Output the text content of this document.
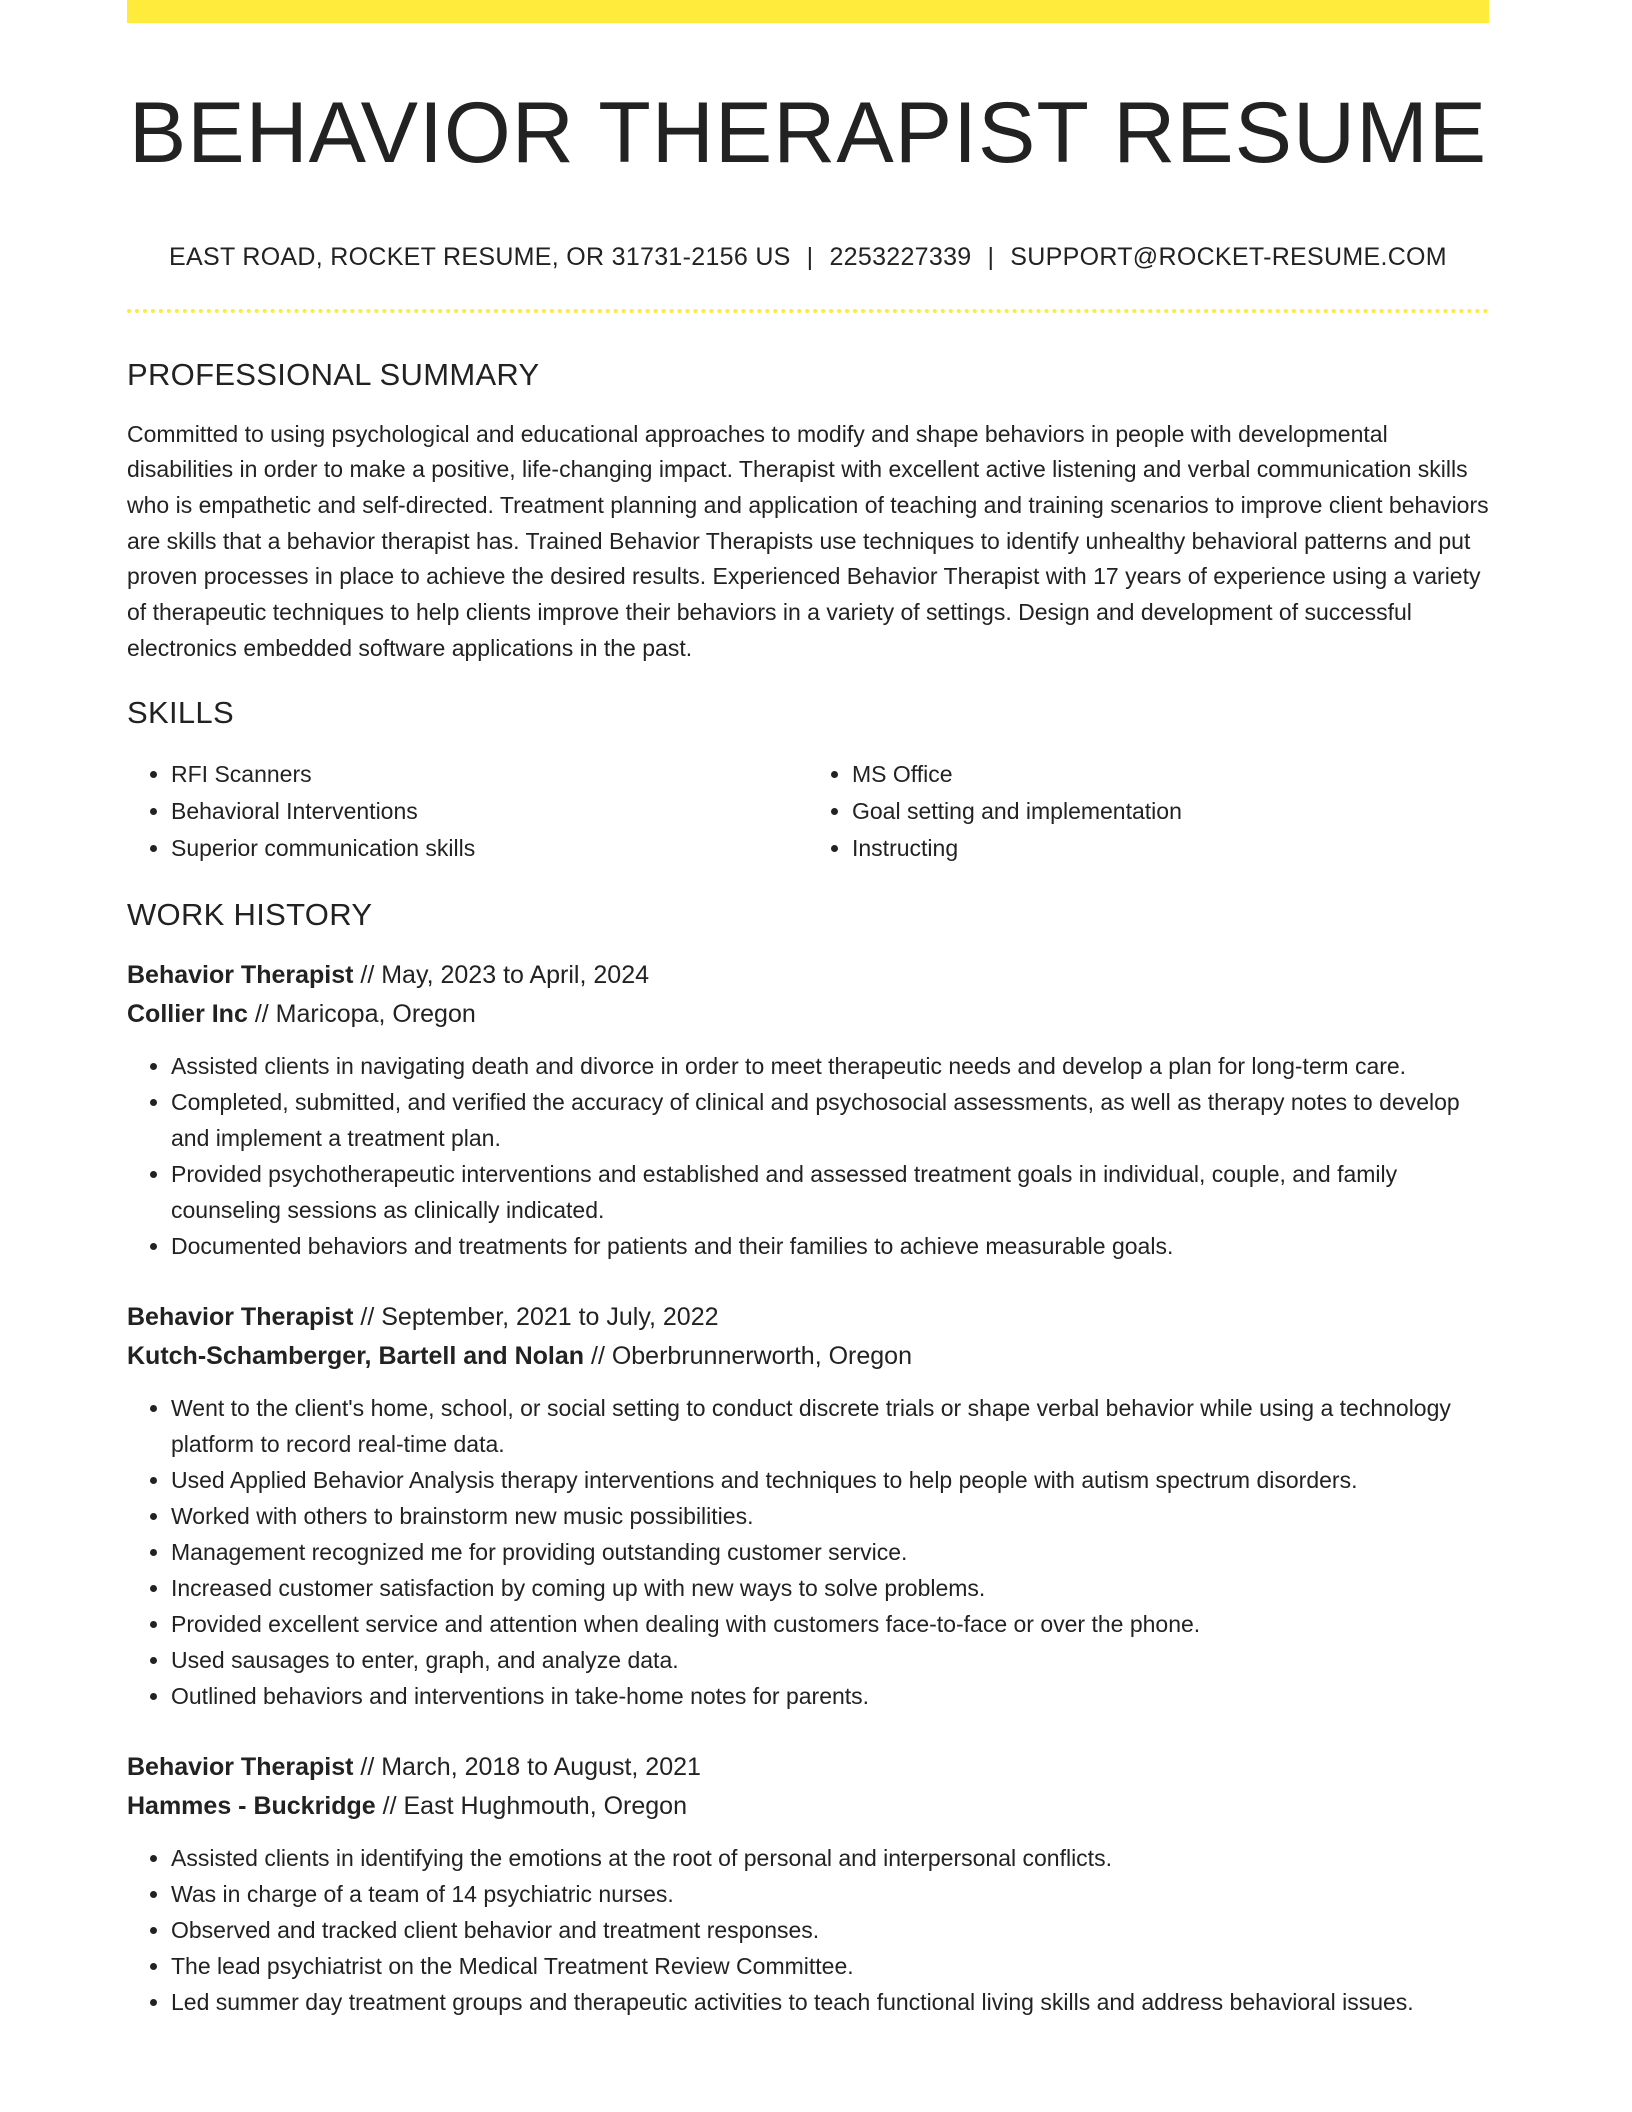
BEHAVIOR THERAPIST RESUME
EAST ROAD, ROCKET RESUME, OR 31731-2156 US | 2253227339 | SUPPORT@ROCKET-RESUME.COM
PROFESSIONAL SUMMARY

Committed to using psychological and educational approaches to modify and shape behaviors in people with developmental disabilities in order to make a positive, life-changing impact. Therapist with excellent active listening and verbal communication skills who is empathetic and self-directed. Treatment planning and application of teaching and training scenarios to improve client behaviors are skills that a behavior therapist has. Trained Behavior Therapists use techniques to identify unhealthy behavioral patterns and put proven processes in place to achieve the desired results. Experienced Behavior Therapist with 17 years of experience using a variety of therapeutic techniques to help clients improve their behaviors in a variety of settings. Design and development of successful electronics embedded software applications in the past.

SKILLS
• RFI Scanners
• Behavioral Interventions
• Superior communication skills
• MS Office
• Goal setting and implementation
• Instructing
WORK HISTORY
Behavior Therapist // May, 2023 to April, 2024
Collier Inc // Maricopa, Oregon
• Assisted clients in navigating death and divorce in order to meet therapeutic needs and develop a plan for long-term care.
• Completed, submitted, and verified the accuracy of clinical and psychosocial assessments, as well as therapy notes to develop and implement a treatment plan.
• Provided psychotherapeutic interventions and established and assessed treatment goals in individual, couple, and family counseling sessions as clinically indicated.
• Documented behaviors and treatments for patients and their families to achieve measurable goals.
Behavior Therapist // September, 2021 to July, 2022
Kutch-Schamberger, Bartell and Nolan // Oberbrunnerworth, Oregon
• Went to the client's home, school, or social setting to conduct discrete trials or shape verbal behavior while using a technology platform to record real-time data.
• Used Applied Behavior Analysis therapy interventions and techniques to help people with autism spectrum disorders.
• Worked with others to brainstorm new music possibilities.
• Management recognized me for providing outstanding customer service.
• Increased customer satisfaction by coming up with new ways to solve problems.
• Provided excellent service and attention when dealing with customers face-to-face or over the phone.
• Used sausages to enter, graph, and analyze data.
• Outlined behaviors and interventions in take-home notes for parents.
Behavior Therapist // March, 2018 to August, 2021
Hammes - Buckridge // East Hughmouth, Oregon
• Assisted clients in identifying the emotions at the root of personal and interpersonal conflicts.
• Was in charge of a team of 14 psychiatric nurses.
• Observed and tracked client behavior and treatment responses.
• The lead psychiatrist on the Medical Treatment Review Committee.
• Led summer day treatment groups and therapeutic activities to teach functional living skills and address behavioral issues.
